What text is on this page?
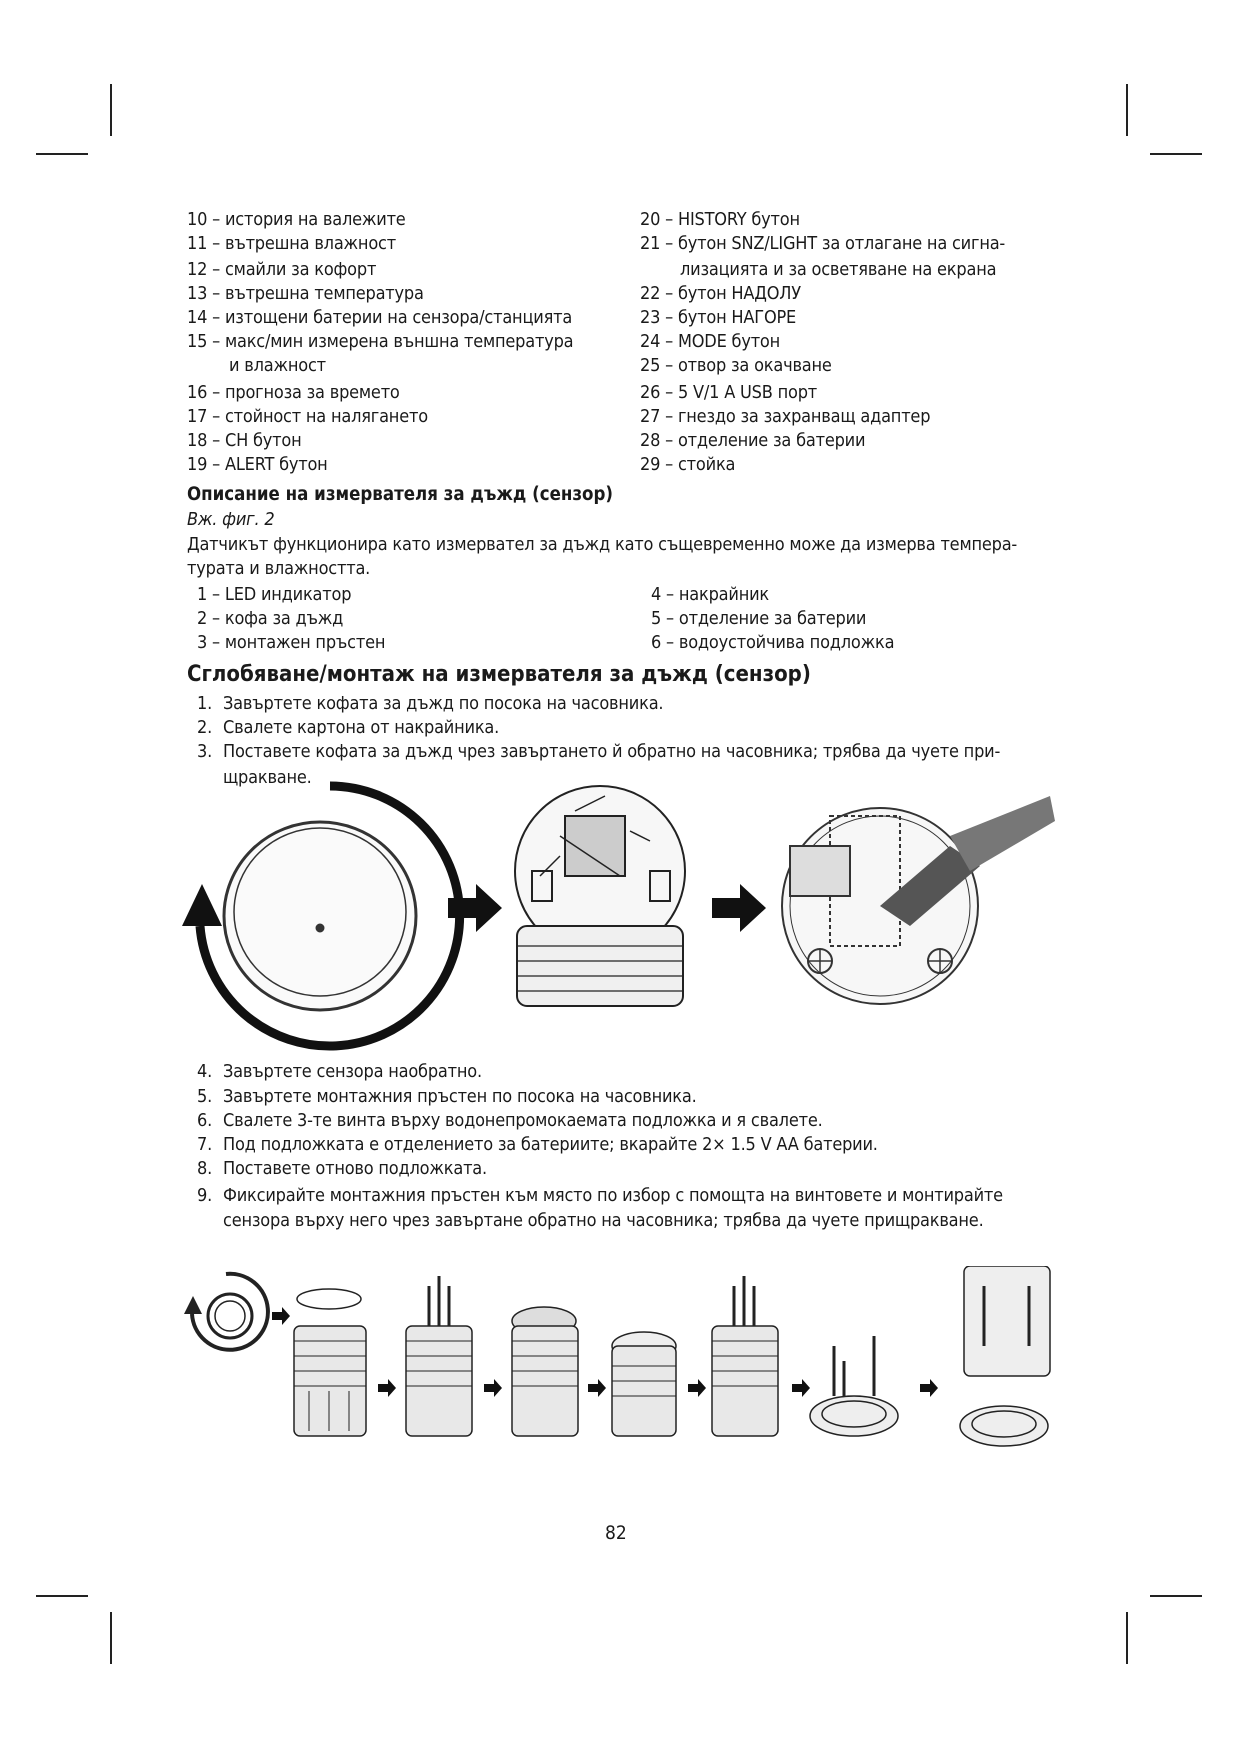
10 – история на валежите
11 – вътрешна влажност
12 – смайли за кофорт
13 – вътрешна температура
14 – изтощени батерии на сензора/станцията
15 – макс/мин измерена външна температура
и влажност
16 – прогноза за времето
17 – стойност на налягането
18 – CH бутон
19 – ALERT бутон
20 – HISTORY бутон
21 – бутон SNZ/LIGHT за отлагане на сигна-
лизацията и за осветяване на екрана
22 – бутон НАДОЛУ
23 – бутон НАГОРЕ
24 – MODE бутон
25 – отвор за окачване
26 – 5 V/1 A USB порт
27 – гнездо за захранващ адаптер
28 – отделение за батерии
29 – стойка
Описание на измервателя за дъжд (сензор)
Вж. фиг. 2
Датчикът функционира като измервател за дъжд като същевременно може да измерва темпера-
турата и влажността.
1 – LED индикатор
2 – кофа за дъжд
3 – монтажен пръстен
4 – накрайник
5 – отделение за батерии
6 – водоустойчива подложка
Сглобяване/монтаж на измервателя за дъжд (сензор)
1. Завъртете кофата за дъжд по посока на часовника.
2. Свалете картона от накрайника.
3. Поставете кофата за дъжд чрез завъртането й обратно на часовника; трябва да чуете при-
щракване.
4. Завъртете сензора наобратно.
5. Завъртете монтажния пръстен по посока на часовника.
6. Свалете 3-те винта върху водонепромокаемата подложка и я свалете.
7. Под подложката е отделението за батериите; вкарайте 2× 1.5 V AA батерии.
8. Поставете отново подложката.
9. Фиксирайте монтажния пръстен към място по избор с помощта на винтовете и монтирайте
сензора върху него чрез завъртане обратно на часовника; трябва да чуете прищракване.
82
